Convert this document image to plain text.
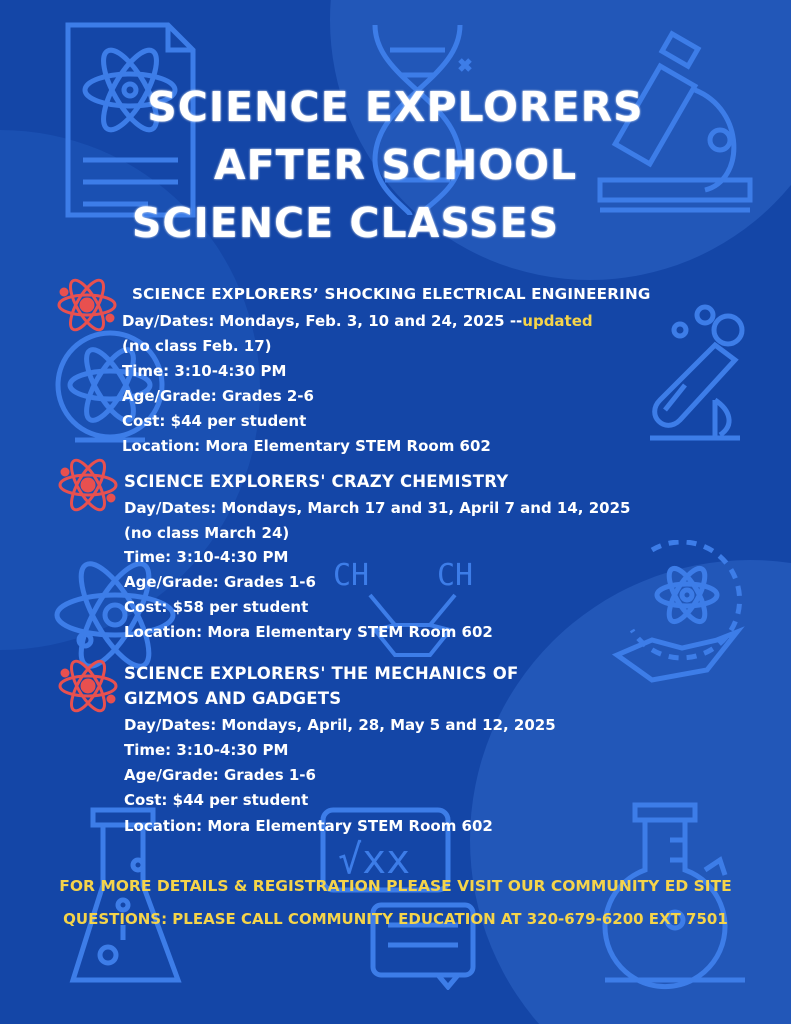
CH CH
√xx
SCIENCE EXPLORERS
AFTER SCHOOL
SCIENCE CLASSES
SCIENCE EXPLORERS’ SHOCKING ELECTRICAL ENGINEERING
Day/Dates: Mondays, Feb. 3, 10 and 24, 2025 --updated
(no class Feb. 17)
Time: 3:10-4:30 PM
Age/Grade: Grades 2-6
Cost: $44 per student
Location: Mora Elementary STEM Room 602
SCIENCE EXPLORERS' CRAZY CHEMISTRY
Day/Dates: Mondays, March 17 and 31, April 7 and 14, 2025
(no class March 24)
Time: 3:10-4:30 PM
Age/Grade: Grades 1-6
Cost: $58 per student
Location: Mora Elementary STEM Room 602
SCIENCE EXPLORERS' THE MECHANICS OF
GIZMOS AND GADGETS
Day/Dates: Mondays, April, 28, May 5 and 12, 2025
Time: 3:10-4:30 PM
Age/Grade: Grades 1-6
Cost: $44 per student
Location: Mora Elementary STEM Room 602
FOR MORE DETAILS & REGISTRATION PLEASE VISIT OUR COMMUNITY ED SITE
QUESTIONS: PLEASE CALL COMMUNITY EDUCATION AT 320-679-6200 EXT 7501
